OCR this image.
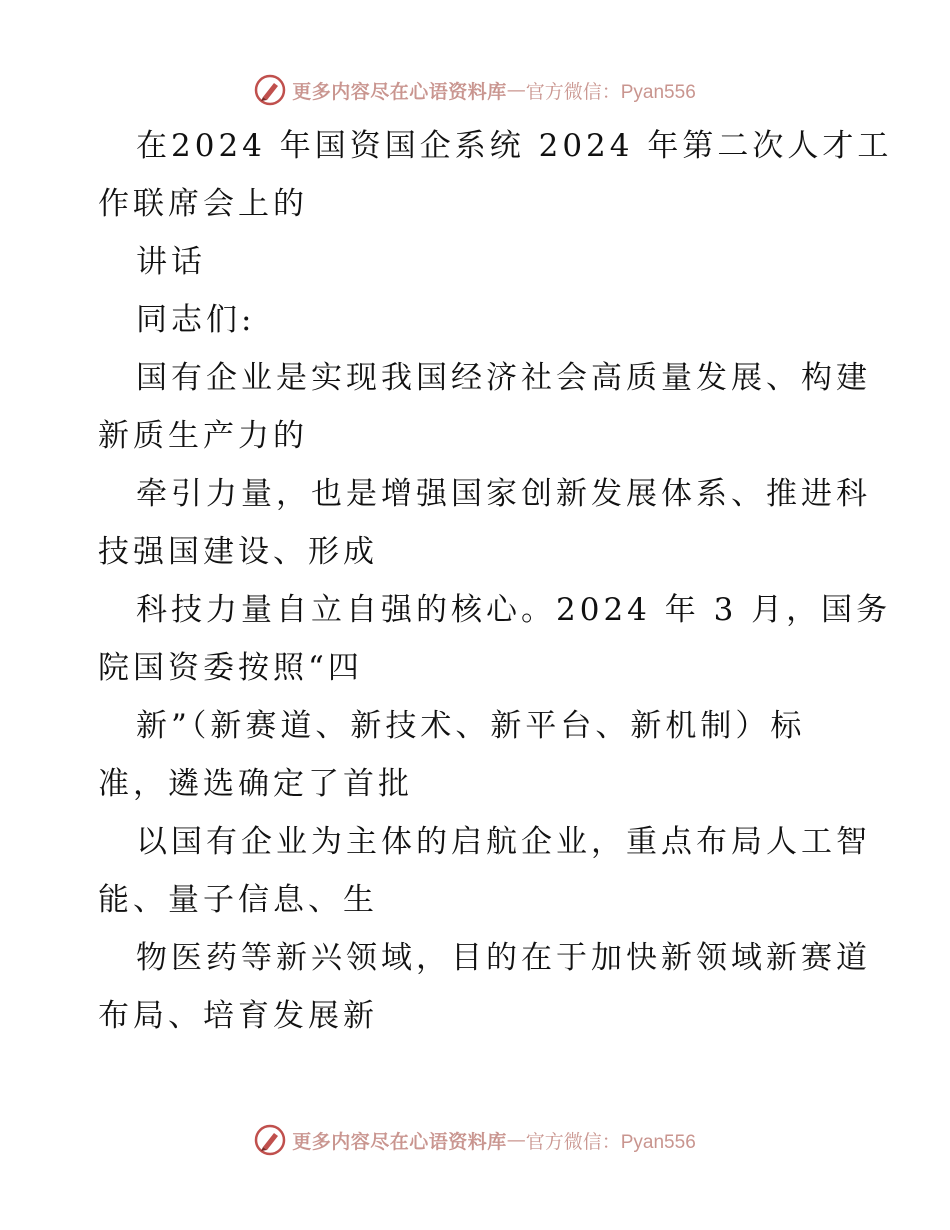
更多内容尽在心语资料库 — 官方微信：Pyan556
在2024 年国资国企系统 2024 年第二次人才工
作联席会上的
讲话
同志们:
国有企业是实现我国经济社会高质量发展、构建
新质生产力的
牵引力量，也是增强国家创新发展体系、推进科
技强国建设、形成
科技力量自立自强的核心。2024 年 3 月，国务
院国资委按照“四
新”（新赛道、新技术、新平台、新机制）标
准，遴选确定了首批
以国有企业为主体的启航企业，重点布局人工智
能、量子信息、生
物医药等新兴领域，目的在于加快新领域新赛道
布局、培育发展新
更多内容尽在心语资料库 — 官方微信：Pyan556
